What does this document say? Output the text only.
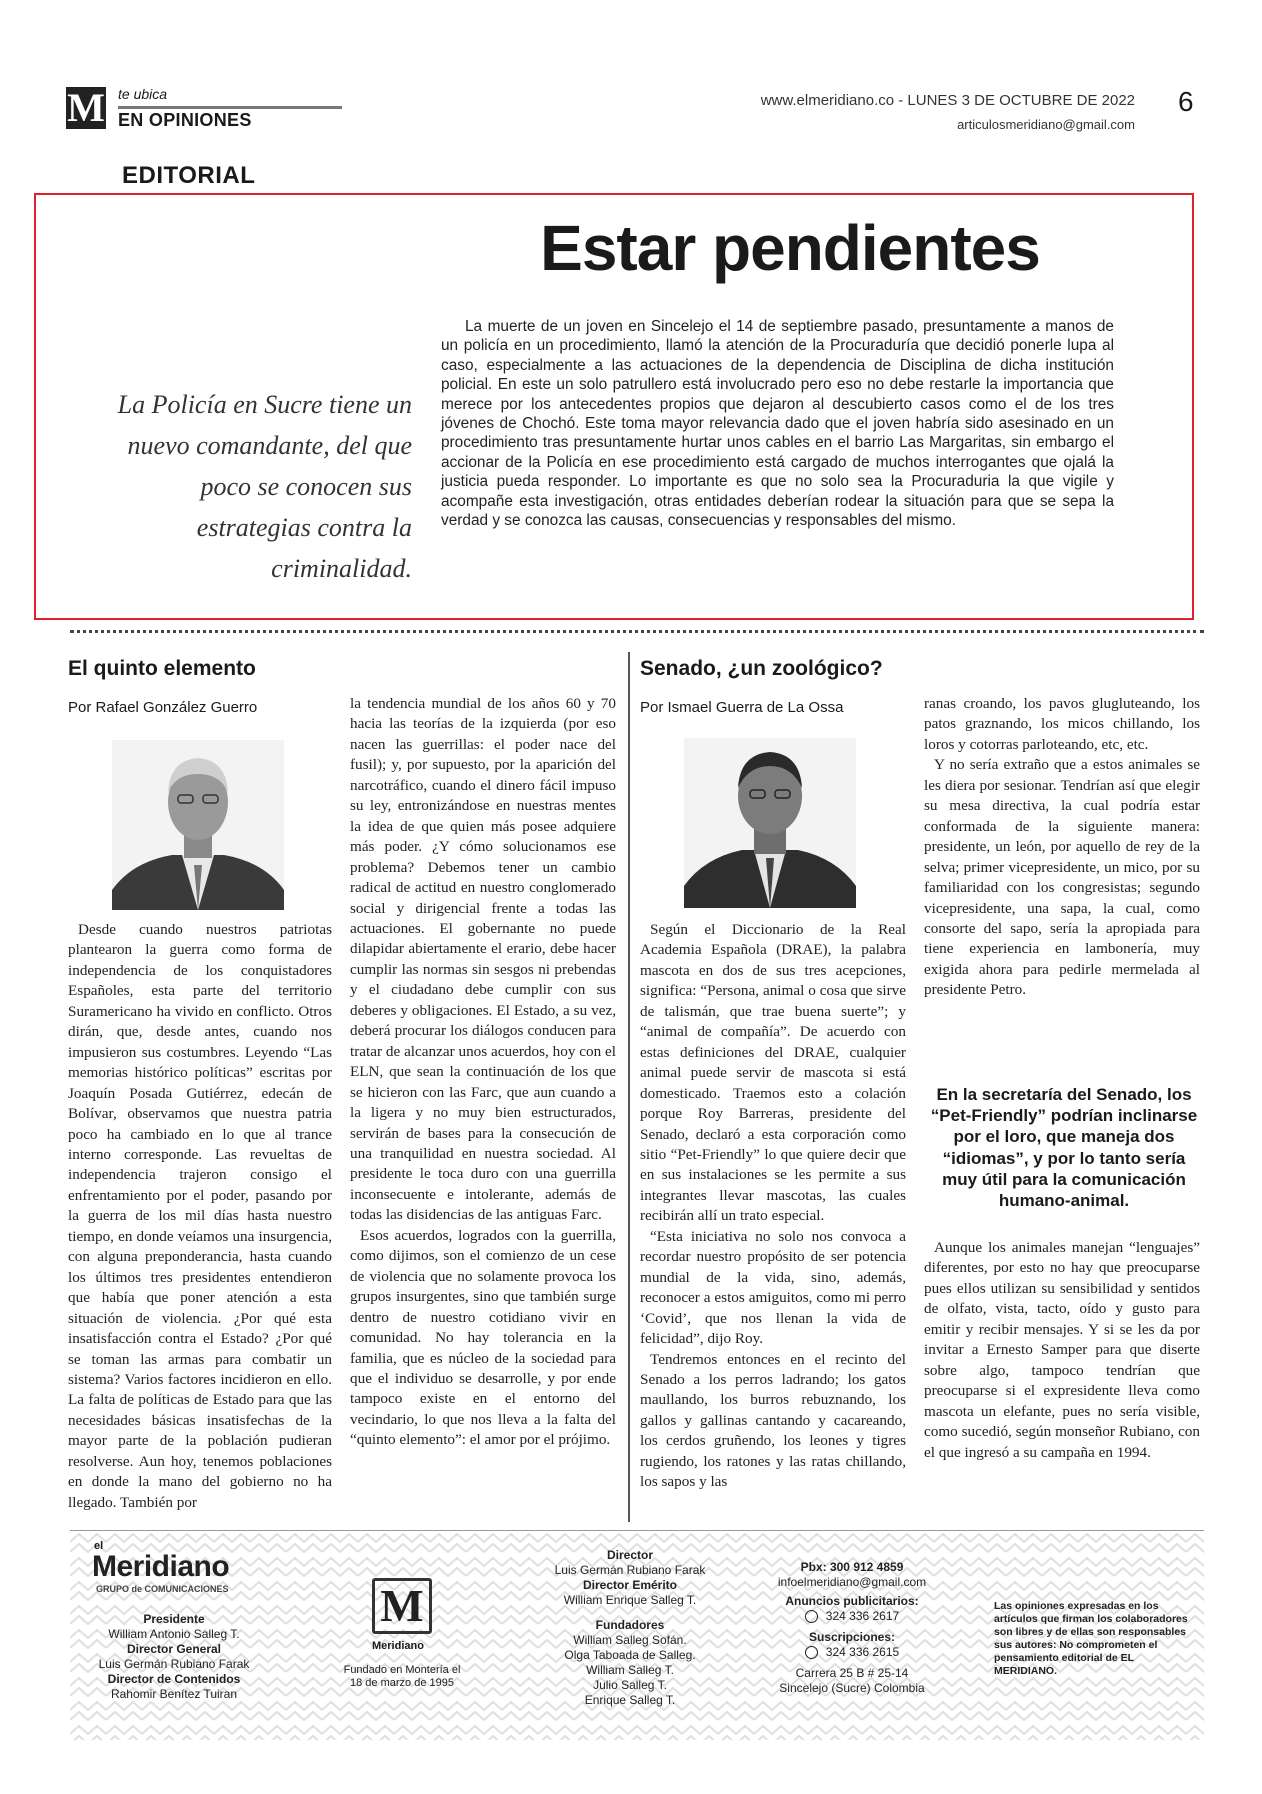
M te ubica
EN OPINIONES
www.elmeridiano.co - LUNES 3 DE OCTUBRE DE 2022
articulosmeridiano@gmail.com
6
EDITORIAL
Estar pendientes
La Policía en Sucre tiene un nuevo comandante, del que poco se conocen sus estrategias contra la criminalidad.

La muerte de un joven en Sincelejo el 14 de septiembre pasado, presuntamente a manos de un policía en un procedimiento, llamó la atención de la Procuraduría que decidió ponerle lupa al caso, especialmente a las actuaciones de la dependencia de Disciplina de dicha institución policial. En este un solo patrullero está involucrado pero eso no debe restarle la importancia que merece por los antecedentes propios que dejaron al descubierto casos como el de los tres jóvenes de Chochó. Este toma mayor relevancia dado que el joven habría sido asesinado en un procedimiento tras presuntamente hurtar unos cables en el barrio Las Margaritas, sin embargo el accionar de la Policía en ese procedimiento está cargado de muchos interrogantes que ojalá la justicia pueda responder. Lo importante es que no solo sea la Procuraduria la que vigile y acompañe esta investigación, otras entidades deberían rodear la situación para que se sepa la verdad y se conozca las causas, consecuencias y responsables del mismo.

El quinto elemento
Por Rafael González Guerro

Desde cuando nuestros patriotas plantearon la guerra como forma de independencia de los conquistadores Españoles, esta parte del territorio Suramericano ha vivido en conflicto. Otros dirán, que, desde antes, cuando nos impusieron sus costumbres. Leyendo “Las memorias histórico políticas” escritas por Joaquín Posada Gutiérrez, edecán de Bolívar, observamos que nuestra patria poco ha cambiado en lo que al trance interno corresponde. Las revueltas de independencia trajeron consigo el enfrentamiento por el poder, pasando por la guerra de los mil días hasta nuestro tiempo, en donde veíamos una insurgencia, con alguna preponderancia, hasta cuando los últimos tres presidentes entendieron que había que poner atención a esta situación de violencia. ¿Por qué esta insatisfacción contra el Estado? ¿Por qué se toman las armas para combatir un sistema? Varios factores incidieron en ello. La falta de políticas de Estado para que las necesidades básicas insatisfechas de la mayor parte de la población pudieran resolverse. Aun hoy, tenemos poblaciones en donde la mano del gobierno no ha llegado. También por

la tendencia mundial de los años 60 y 70 hacia las teorías de la izquierda (por eso nacen las guerrillas: el poder nace del fusil); y, por supuesto, por la aparición del narcotráfico, cuando el dinero fácil impuso su ley, entronizándose en nuestras mentes la idea de que quien más posee adquiere más poder. ¿Y cómo solucionamos ese problema? Debemos tener un cambio radical de actitud en nuestro conglomerado social y dirigencial frente a todas las actuaciones. El gobernante no puede dilapidar abiertamente el erario, debe hacer cumplir las normas sin sesgos ni prebendas y el ciudadano debe cumplir con sus deberes y obligaciones. El Estado, a su vez, deberá procurar los diálogos conducen para tratar de alcanzar unos acuerdos, hoy con el ELN, que sean la continuación de los que se hicieron con las Farc, que aun cuando a la ligera y no muy bien estructurados, servirán de bases para la consecución de una tranquilidad en nuestra sociedad. Al presidente le toca duro con una guerrilla inconsecuente e intolerante, además de todas las disidencias de las antiguas Farc.

Esos acuerdos, logrados con la guerrilla, como dijimos, son el comienzo de un cese de violencia que no solamente provoca los grupos insurgentes, sino que también surge dentro de nuestro cotidiano vivir en comunidad. No hay tolerancia en la familia, que es núcleo de la sociedad para que el individuo se desarrolle, y por ende tampoco existe en el entorno del vecindario, lo que nos lleva a la falta del “quinto elemento”: el amor por el prójimo.

Senado, ¿un zoológico?
Por Ismael Guerra de La Ossa

Según el Diccionario de la Real Academia Española (DRAE), la palabra mascota en dos de sus tres acepciones, significa: “Persona, animal o cosa que sirve de talismán, que trae buena suerte”; y “animal de compañía”. De acuerdo con estas definiciones del DRAE, cualquier animal puede servir de mascota si está domesticado. Traemos esto a colación porque Roy Barreras, presidente del Senado, declaró a esta corporación como sitio “Pet-Friendly” lo que quiere decir que en sus instalaciones se les permite a sus integrantes llevar mascotas, las cuales recibirán allí un trato especial.

“Esta iniciativa no solo nos convoca a recordar nuestro propósito de ser potencia mundial de la vida, sino, además, reconocer a estos amiguitos, como mi perro ‘Covid’, que nos llenan la vida de felicidad”, dijo Roy.

Tendremos entonces en el recinto del Senado a los perros ladrando; los gatos maullando, los burros rebuznando, los gallos y gallinas cantando y cacareando, los cerdos gruñendo, los leones y tigres rugiendo, los ratones y las ratas chillando, los sapos y las

ranas croando, los pavos glugluteando, los patos graznando, los micos chillando, los loros y cotorras parloteando, etc, etc.

Y no sería extraño que a estos animales se les diera por sesionar. Tendrían así que elegir su mesa directiva, la cual podría estar conformada de la siguiente manera: presidente, un león, por aquello de rey de la selva; primer vicepresidente, un mico, por su familiaridad con los congresistas; segundo vicepresidente, una sapa, la cual, como consorte del sapo, sería la apropiada para tiene experiencia en lambonería, muy exigida ahora para pedirle mermelada al presidente Petro.

En la secretaría del Senado, los “Pet-Friendly” podrían inclinarse por el loro, que maneja dos “idiomas”, y por lo tanto sería muy útil para la comunicación humano-animal.

Aunque los animales manejan “lenguajes” diferentes, por esto no hay que preocuparse pues ellos utilizan su sensibilidad y sentidos de olfato, vista, tacto, oído y gusto para emitir y recibir mensajes. Y si se les da por invitar a Ernesto Samper para que diserte sobre algo, tampoco tendrían que preocuparse si el expresidente lleva como mascota un elefante, pues no sería visible, como sucedió, según monseñor Rubiano, con el que ingresó a su campaña en 1994.

el
Meridiano
GRUPO de COMUNICACIONES
Presidente
William Antonio Salleg T.
Director General
Luis Germán Rubiano Farak
Director de Contenidos
Rahomir Benítez Tuiran
M
Meridiano
Fundado en Montería el 18 de marzo de 1995
Director
Luis Germán Rubiano Farak
Director Emérito
William Enrique Salleg T.
Fundadores
William Salleg Sofán.
Olga Taboada de Salleg.
William Salleg T.
Julio Salleg T.
Enrique Salleg T.
Pbx: 300 912 4859
infoelmeridiano@gmail.com
Anuncios publicitarios:
324 336 2617
Suscripciones:
324 336 2615
Carrera 25 B # 25-14
Sincelejo (Sucre) Colombia
Las opiniones expresadas en los artículos que firman los colaboradores son libres y de ellas son responsables sus autores: No comprometen el pensamiento editorial de EL MERIDIANO.
